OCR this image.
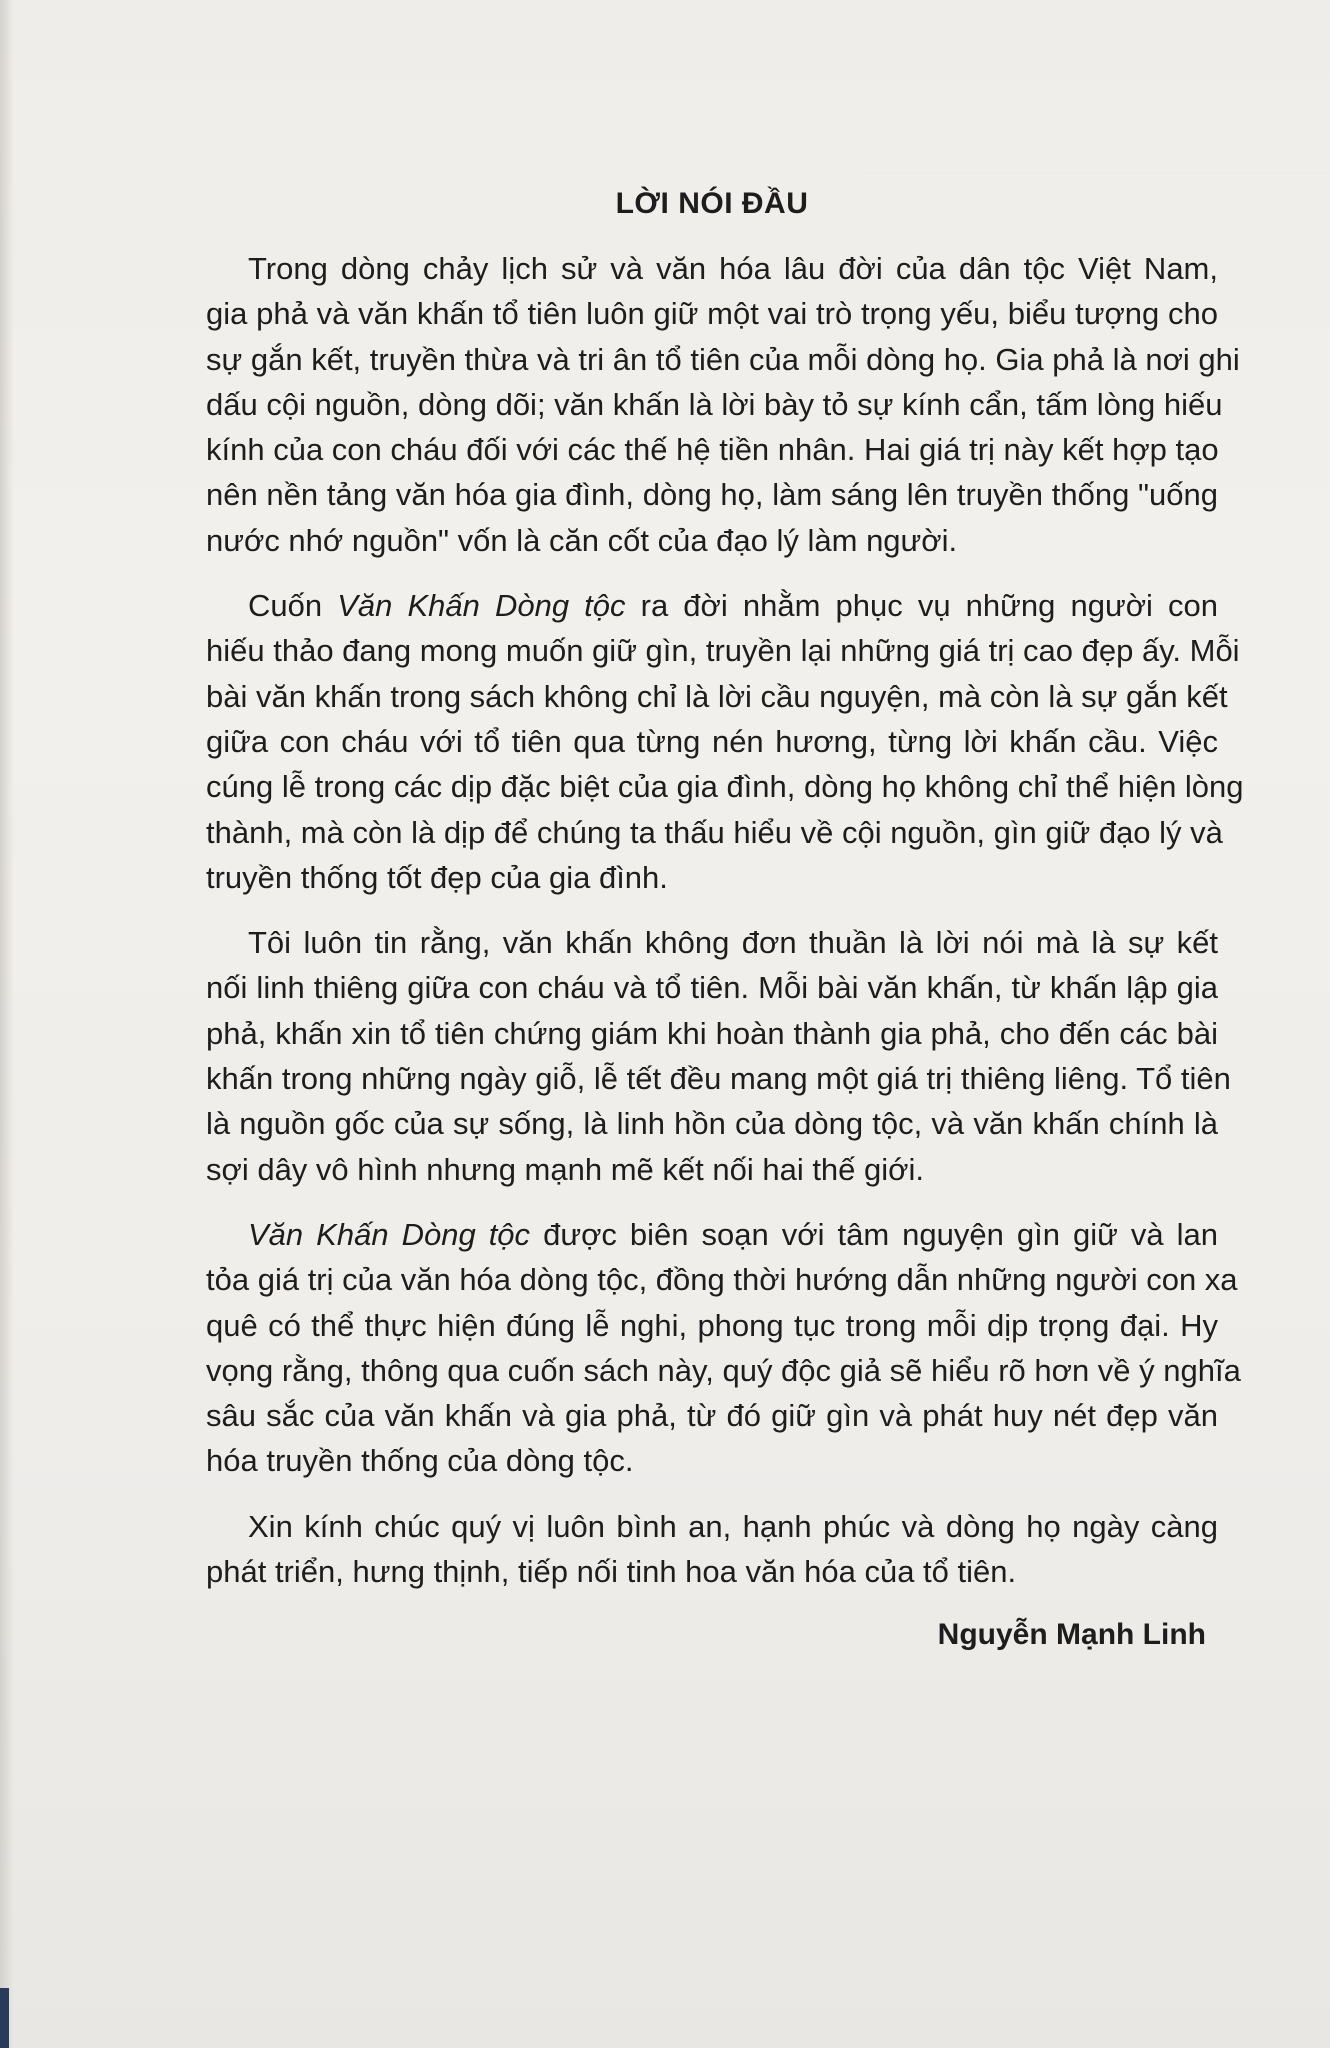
LỜI NÓI ĐẦU
Trong dòng chảy lịch sử và văn hóa lâu đời của dân tộc Việt Nam,
gia phả và văn khấn tổ tiên luôn giữ một vai trò trọng yếu, biểu tượng cho
sự gắn kết, truyền thừa và tri ân tổ tiên của mỗi dòng họ. Gia phả là nơi ghi
dấu cội nguồn, dòng dõi; văn khấn là lời bày tỏ sự kính cẩn, tấm lòng hiếu
kính của con cháu đối với các thế hệ tiền nhân. Hai giá trị này kết hợp tạo
nên nền tảng văn hóa gia đình, dòng họ, làm sáng lên truyền thống "uống
nước nhớ nguồn" vốn là căn cốt của đạo lý làm người.
Cuốn Văn Khấn Dòng tộc ra đời nhằm phục vụ những người con
hiếu thảo đang mong muốn giữ gìn, truyền lại những giá trị cao đẹp ấy. Mỗi
bài văn khấn trong sách không chỉ là lời cầu nguyện, mà còn là sự gắn kết
giữa con cháu với tổ tiên qua từng nén hương, từng lời khấn cầu. Việc
cúng lễ trong các dịp đặc biệt của gia đình, dòng họ không chỉ thể hiện lòng
thành, mà còn là dịp để chúng ta thấu hiểu về cội nguồn, gìn giữ đạo lý và
truyền thống tốt đẹp của gia đình.
Tôi luôn tin rằng, văn khấn không đơn thuần là lời nói mà là sự kết
nối linh thiêng giữa con cháu và tổ tiên. Mỗi bài văn khấn, từ khấn lập gia
phả, khấn xin tổ tiên chứng giám khi hoàn thành gia phả, cho đến các bài
khấn trong những ngày giỗ, lễ tết đều mang một giá trị thiêng liêng. Tổ tiên
là nguồn gốc của sự sống, là linh hồn của dòng tộc, và văn khấn chính là
sợi dây vô hình nhưng mạnh mẽ kết nối hai thế giới.
Văn Khấn Dòng tộc được biên soạn với tâm nguyện gìn giữ và lan
tỏa giá trị của văn hóa dòng tộc, đồng thời hướng dẫn những người con xa
quê có thể thực hiện đúng lễ nghi, phong tục trong mỗi dịp trọng đại. Hy
vọng rằng, thông qua cuốn sách này, quý độc giả sẽ hiểu rõ hơn về ý nghĩa
sâu sắc của văn khấn và gia phả, từ đó giữ gìn và phát huy nét đẹp văn
hóa truyền thống của dòng tộc.
Xin kính chúc quý vị luôn bình an, hạnh phúc và dòng họ ngày càng
phát triển, hưng thịnh, tiếp nối tinh hoa văn hóa của tổ tiên.
Nguyễn Mạnh Linh
